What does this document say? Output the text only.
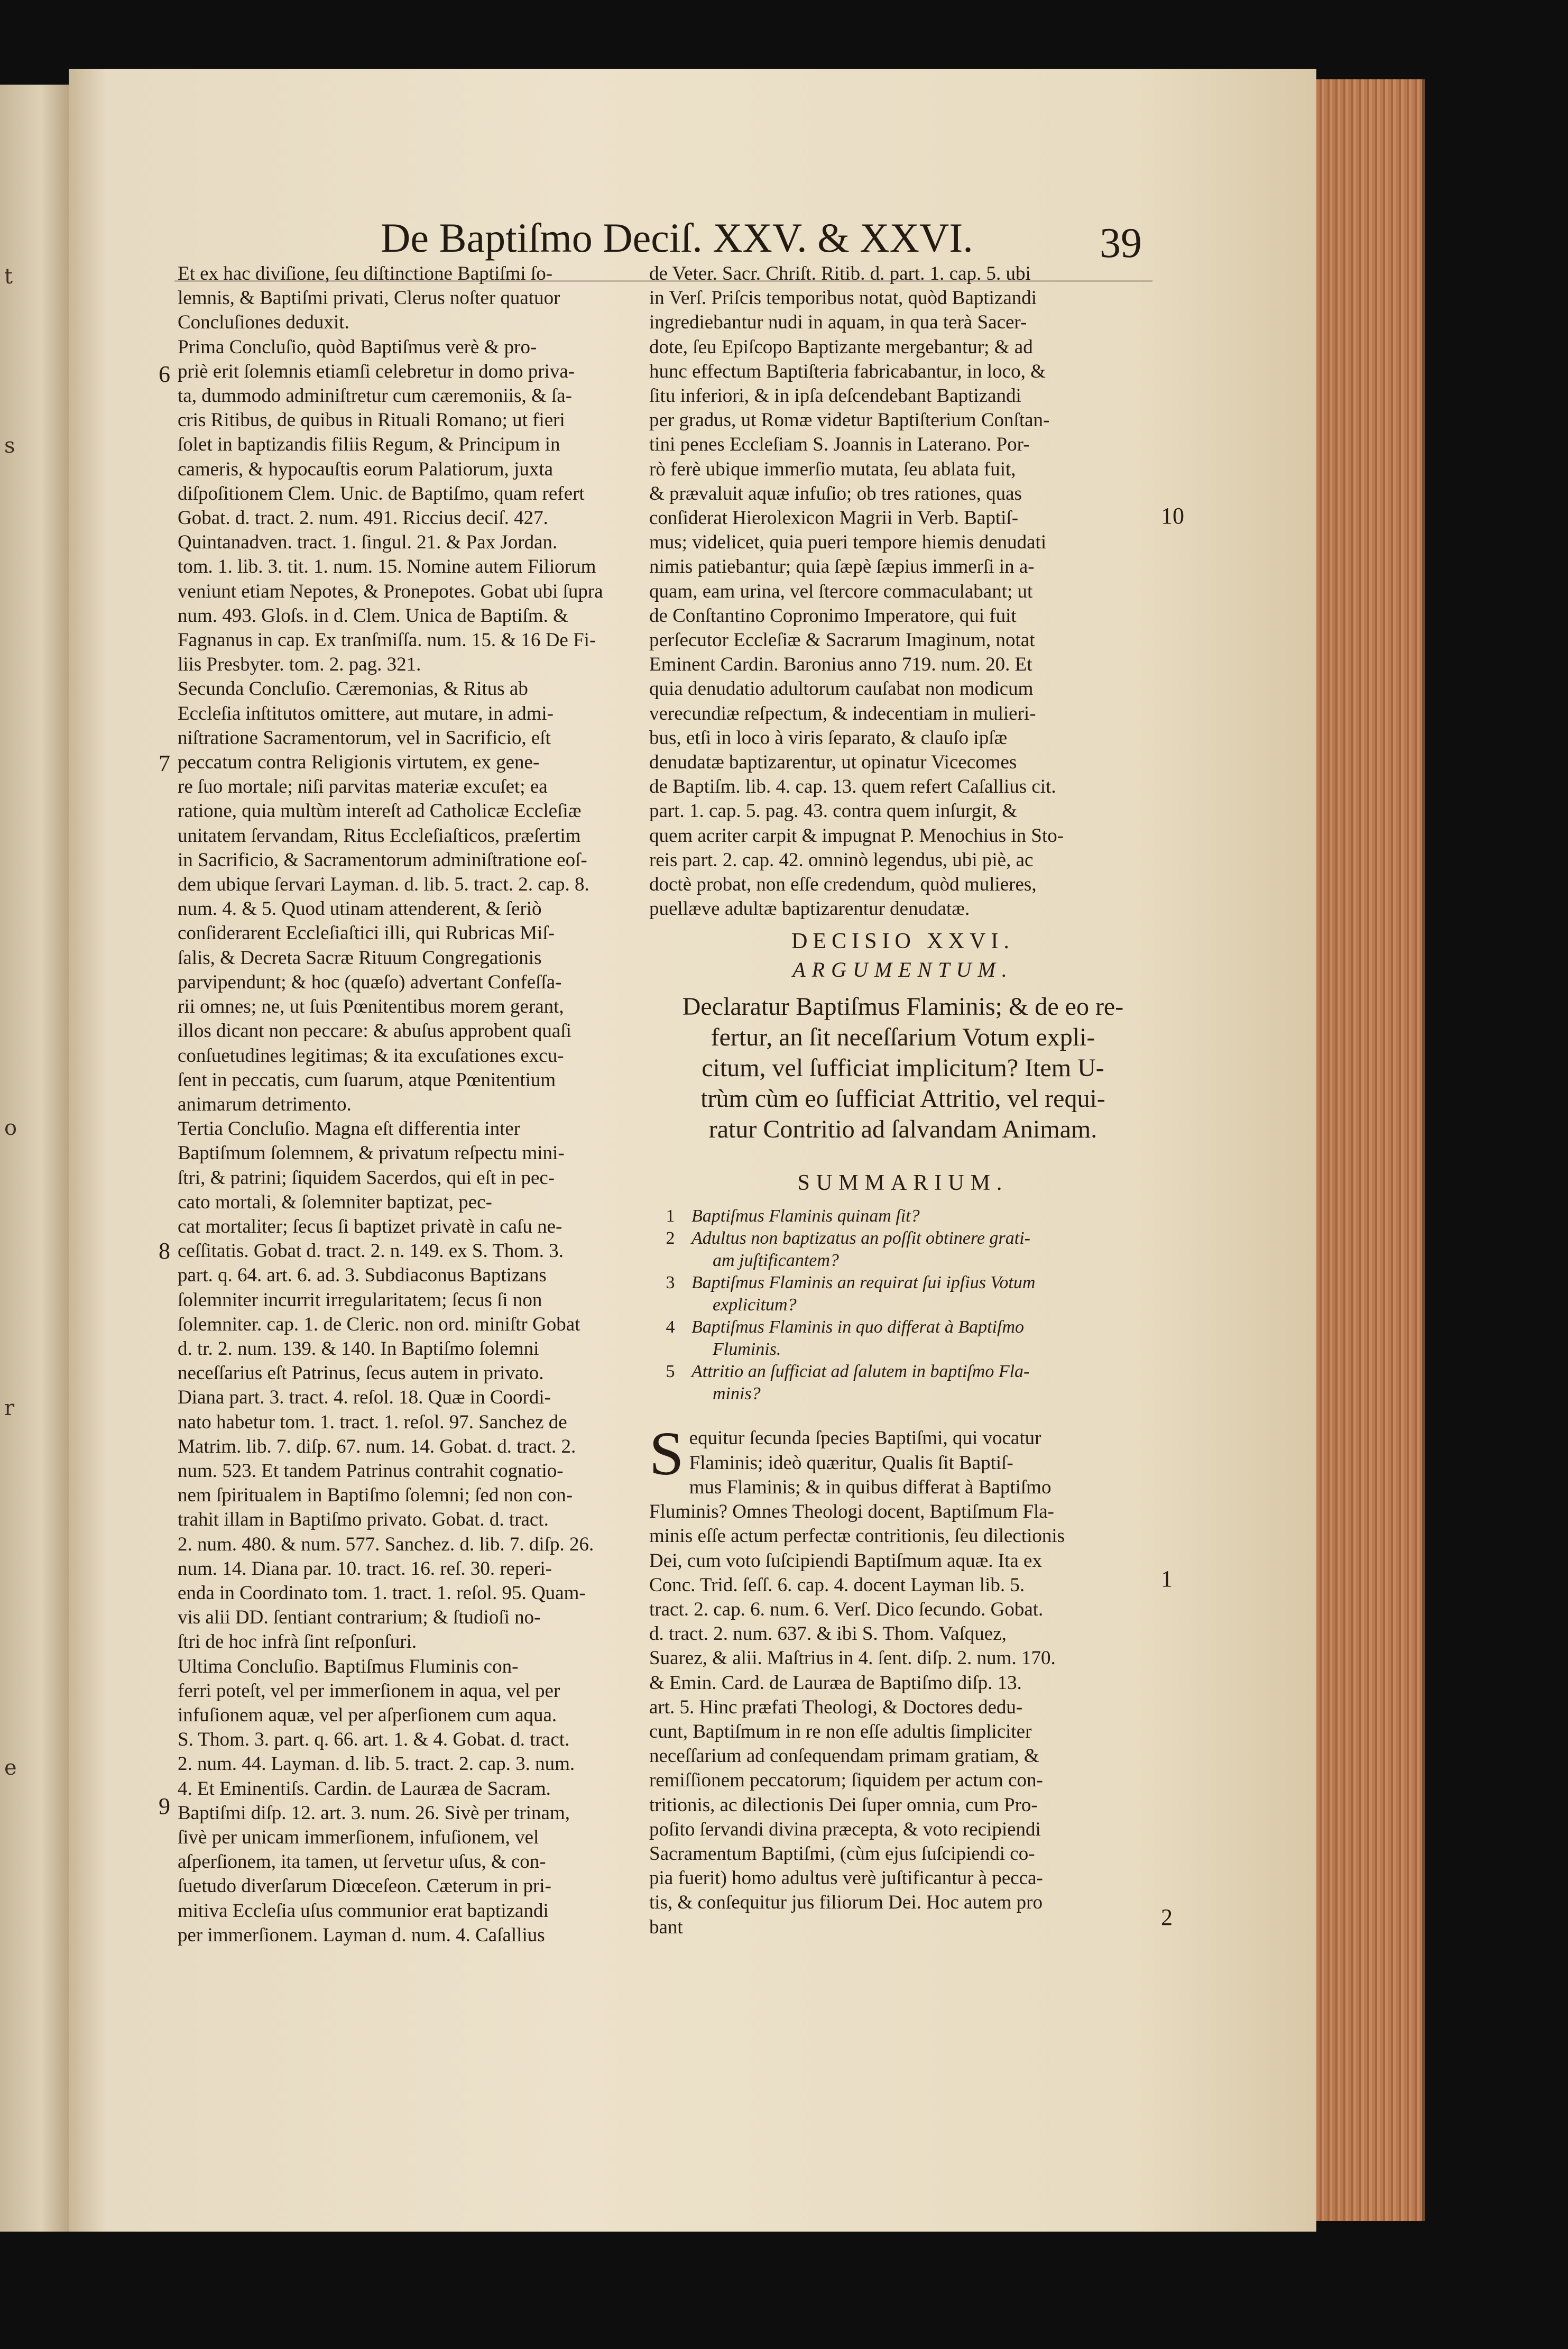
t
s
o
r
e
De Baptiſmo Deciſ. XXV. & XXVI.	39
6
7
8
9
10
1
2
Et ex hac diviſione, ſeu diſtinctione Baptiſmi ſo-
lemnis, & Baptiſmi privati, Clerus noſter quatuor
Concluſiones deduxit.
Prima Concluſio, quòd Baptiſmus verè & pro-
priè erit ſolemnis etiamſi celebretur in domo priva-
ta, dummodo adminiſtretur cum cæremoniis, & ſa-
cris Ritibus, de quibus in Rituali Romano; ut fieri
ſolet in baptizandis filiis Regum, & Principum in
cameris, & hypocauſtis eorum Palatiorum, juxta
diſpoſitionem Clem. Unic. de Baptiſmo, quam refert
Gobat. d. tract. 2. num. 491. Riccius deciſ. 427.
Quintanadven. tract. 1. ſingul. 21. & Pax Jordan.
tom. 1. lib. 3. tit. 1. num. 15. Nomine autem Filiorum
veniunt etiam Nepotes, & Pronepotes. Gobat ubi ſupra
num. 493. Gloſs. in d. Clem. Unica de Baptiſm. &
Fagnanus in cap. Ex tranſmiſſa. num. 15. & 16 De Fi-
liis Presbyter. tom. 2. pag. 321.
Secunda Concluſio. Cæremonias, & Ritus ab
Eccleſia inſtitutos omittere, aut mutare, in admi-
niſtratione Sacramentorum, vel in Sacrificio, eſt
peccatum contra Religionis virtutem, ex gene-
re ſuo mortale; niſi parvitas materiæ excuſet; ea
ratione, quia multùm intereſt ad Catholicæ Eccleſiæ
unitatem ſervandam, Ritus Eccleſiaſticos, præſertim
in Sacrificio, & Sacramentorum adminiſtratione eoſ-
dem ubique ſervari Layman. d. lib. 5. tract. 2. cap. 8.
num. 4. & 5. Quod utinam attenderent, & ſeriò
conſiderarent Eccleſiaſtici illi, qui Rubricas Miſ-
ſalis, & Decreta Sacræ Rituum Congregationis
parvipendunt; & hoc (quæſo) advertant Confeſſa-
rii omnes; ne, ut ſuis Pœnitentibus morem gerant,
illos dicant non peccare: & abuſus approbent quaſi
conſuetudines legitimas; & ita excuſationes excu-
ſent in peccatis, cum ſuarum, atque Pœnitentium
animarum detrimento.
Tertia Concluſio. Magna eſt differentia inter
Baptiſmum ſolemnem, & privatum reſpectu mini-
ſtri, & patrini; ſiquidem Sacerdos, qui eſt in pec-
cato mortali, & ſolemniter baptizat, pec-
cat mortaliter; ſecus ſi baptizet privatè in caſu ne-
ceſſitatis. Gobat d. tract. 2. n. 149. ex S. Thom. 3.
part. q. 64. art. 6. ad. 3. Subdiaconus Baptizans
ſolemniter incurrit irregularitatem; ſecus ſi non
ſolemniter. cap. 1. de Cleric. non ord. miniſtr Gobat
d. tr. 2. num. 139. & 140. In Baptiſmo ſolemni
neceſſarius eſt Patrinus, ſecus autem in privato.
Diana part. 3. tract. 4. reſol. 18. Quæ in Coordi-
nato habetur tom. 1. tract. 1. reſol. 97. Sanchez de
Matrim. lib. 7. diſp. 67. num. 14. Gobat. d. tract. 2.
num. 523. Et tandem Patrinus contrahit cognatio-
nem ſpiritualem in Baptiſmo ſolemni; ſed non con-
trahit illam in Baptiſmo privato. Gobat. d. tract.
2. num. 480. & num. 577. Sanchez. d. lib. 7. diſp. 26.
num. 14. Diana par. 10. tract. 16. reſ. 30. reperi-
enda in Coordinato tom. 1. tract. 1. reſol. 95. Quam-
vis alii DD. ſentiant contrarium; & ſtudioſi no-
ſtri de hoc infrà ſint reſponſuri.
Ultima Concluſio. Baptiſmus Fluminis con-
ferri poteſt, vel per immerſionem in aqua, vel per
infuſionem aquæ, vel per aſperſionem cum aqua.
S. Thom. 3. part. q. 66. art. 1. & 4. Gobat. d. tract.
2. num. 44. Layman. d. lib. 5. tract. 2. cap. 3. num.
4. Et Eminentiſs. Cardin. de Lauræa de Sacram.
Baptiſmi diſp. 12. art. 3. num. 26. Sivè per trinam,
ſivè per unicam immerſionem, infuſionem, vel
aſperſionem, ita tamen, ut ſervetur uſus, & con-
ſuetudo diverſarum Diœceſeon. Cæterum in pri-
mitiva Eccleſia uſus communior erat baptizandi
per immerſionem. Layman d. num. 4. Caſallius
de Veter. Sacr. Chriſt. Ritib. d. part. 1. cap. 5. ubi
in Verſ. Priſcis temporibus notat, quòd Baptizandi
ingrediebantur nudi in aquam, in qua terà Sacer-
dote, ſeu Epiſcopo Baptizante mergebantur; & ad
hunc effectum Baptiſteria fabricabantur, in loco, &
ſitu inferiori, & in ipſa deſcendebant Baptizandi
per gradus, ut Romæ videtur Baptiſterium Conſtan-
tini penes Eccleſiam S. Joannis in Laterano. Por-
rò ferè ubique immerſio mutata, ſeu ablata fuit,
& prævaluit aquæ infuſio; ob tres rationes, quas
conſiderat Hierolexicon Magrii in Verb. Baptiſ-
mus; videlicet, quia pueri tempore hiemis denudati
nimis patiebantur; quia ſæpè ſæpius immerſi in a-
quam, eam urina, vel ſtercore commaculabant; ut
de Conſtantino Copronimo Imperatore, qui fuit
perſecutor Eccleſiæ & Sacrarum Imaginum, notat
Eminent Cardin. Baronius anno 719. num. 20. Et
quia denudatio adultorum cauſabat non modicum
verecundiæ reſpectum, & indecentiam in mulieri-
bus, etſi in loco à viris ſeparato, & clauſo ipſæ
denudatæ baptizarentur, ut opinatur Vicecomes
de Baptiſm. lib. 4. cap. 13. quem refert Caſallius cit.
part. 1. cap. 5. pag. 43. contra quem inſurgit, &
quem acriter carpit & impugnat P. Menochius in Sto-
reis part. 2. cap. 42. omninò legendus, ubi piè, ac
doctè probat, non eſſe credendum, quòd mulieres,
puellæve adultæ baptizarentur denudatæ.
DECISIO XXVI.
ARGUMENTUM.
Declaratur Baptiſmus Flaminis; & de eo re-
fertur, an ſit neceſſarium Votum expli-
citum, vel ſufficiat implicitum? Item U-
trùm cùm eo ſufficiat Attritio, vel requi-
ratur Contritio ad ſalvandam Animam.
SUMMARIUM.
1 Baptiſmus Flaminis quinam ſit?
2 Adultus non baptizatus an poſſit obtinere grati-
am juſtificantem?
3 Baptiſmus Flaminis an requirat ſui ipſius Votum
explicitum?
4 Baptiſmus Flaminis in quo differat à Baptiſmo
Fluminis.
5 Attritio an ſufficiat ad ſalutem in baptiſmo Fla-
minis?
S equitur ſecunda ſpecies Baptiſmi, qui vocatur
Flaminis; ideò quæritur, Qualis ſit Baptiſ-
mus Flaminis; & in quibus differat à Baptiſmo
Fluminis? Omnes Theologi docent, Baptiſmum Fla-
minis eſſe actum perfectæ contritionis, ſeu dilectionis
Dei, cum voto ſuſcipiendi Baptiſmum aquæ. Ita ex
Conc. Trid. ſeſſ. 6. cap. 4. docent Layman lib. 5.
tract. 2. cap. 6. num. 6. Verſ. Dico ſecundo. Gobat.
d. tract. 2. num. 637. & ibi S. Thom. Vaſquez,
Suarez, & alii. Maſtrius in 4. ſent. diſp. 2. num. 170.
& Emin. Card. de Lauræa de Baptiſmo diſp. 13.
art. 5. Hinc præfati Theologi, & Doctores dedu-
cunt, Baptiſmum in re non eſſe adultis ſimpliciter
neceſſarium ad conſequendam primam gratiam, &
remiſſionem peccatorum; ſiquidem per actum con-
tritionis, ac dilectionis Dei ſuper omnia, cum Pro-
poſito ſervandi divina præcepta, & voto recipiendi
Sacramentum Baptiſmi, (cùm ejus ſuſcipiendi co-
pia fuerit) homo adultus verè juſtificantur à pecca-
tis, & conſequitur jus filiorum Dei. Hoc autem pro
bant
